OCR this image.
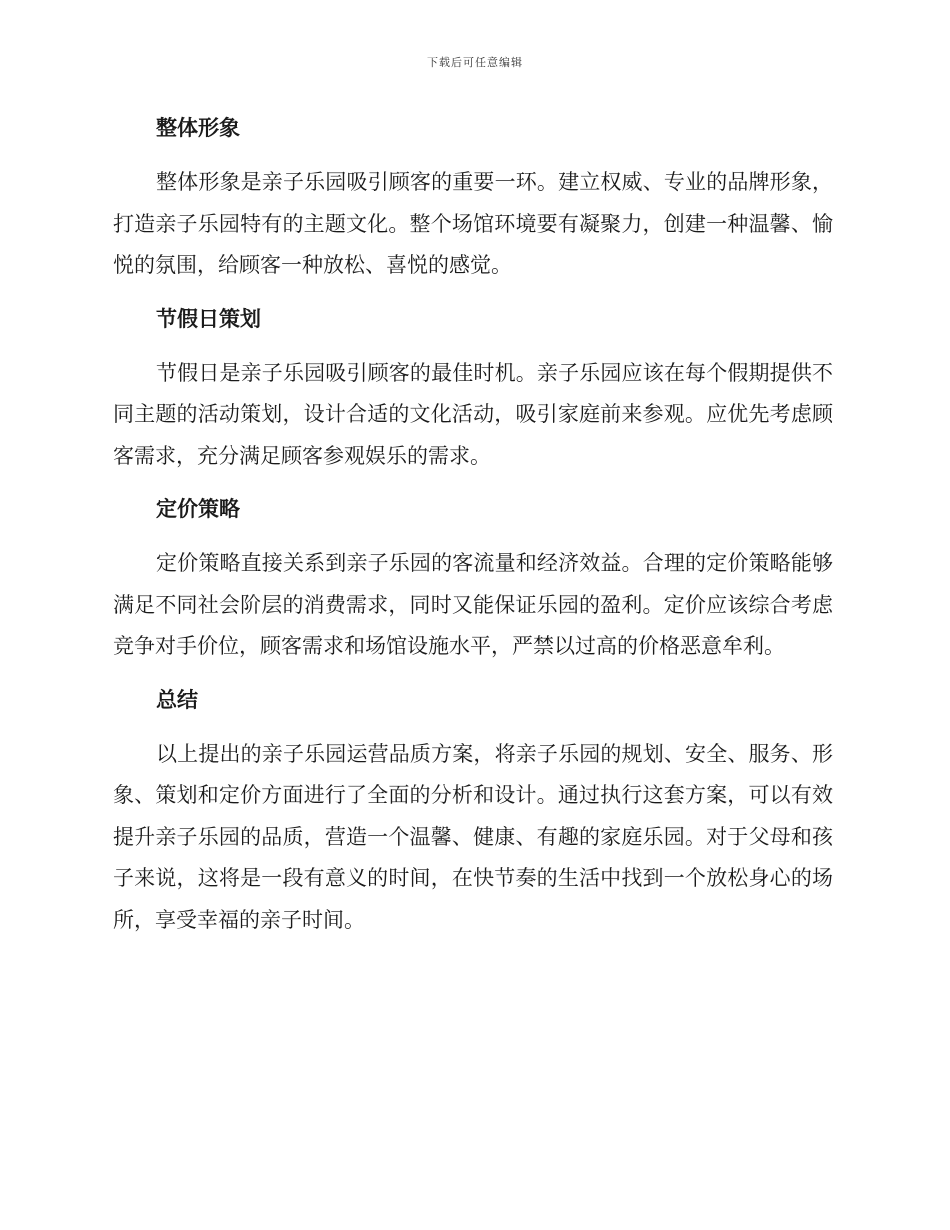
下载后可任意编辑
整体形象

整体形象是亲子乐园吸引顾客的重要一环。建立权威、专业的品牌形象，打造亲子乐园特有的主题文化。整个场馆环境要有凝聚力，创建一种温馨、愉悦的氛围，给顾客一种放松、喜悦的感觉。

节假日策划

节假日是亲子乐园吸引顾客的最佳时机。亲子乐园应该在每个假期提供不同主题的活动策划，设计合适的文化活动，吸引家庭前来参观。应优先考虑顾客需求，充分满足顾客参观娱乐的需求。

定价策略

定价策略直接关系到亲子乐园的客流量和经济效益。合理的定价策略能够满足不同社会阶层的消费需求，同时又能保证乐园的盈利。定价应该综合考虑竞争对手价位，顾客需求和场馆设施水平，严禁以过高的价格恶意牟利。

总结

以上提出的亲子乐园运营品质方案，将亲子乐园的规划、安全、服务、形象、策划和定价方面进行了全面的分析和设计。通过执行这套方案，可以有效提升亲子乐园的品质，营造一个温馨、健康、有趣的家庭乐园。对于父母和孩子来说，这将是一段有意义的时间，在快节奏的生活中找到一个放松身心的场所，享受幸福的亲子时间。
